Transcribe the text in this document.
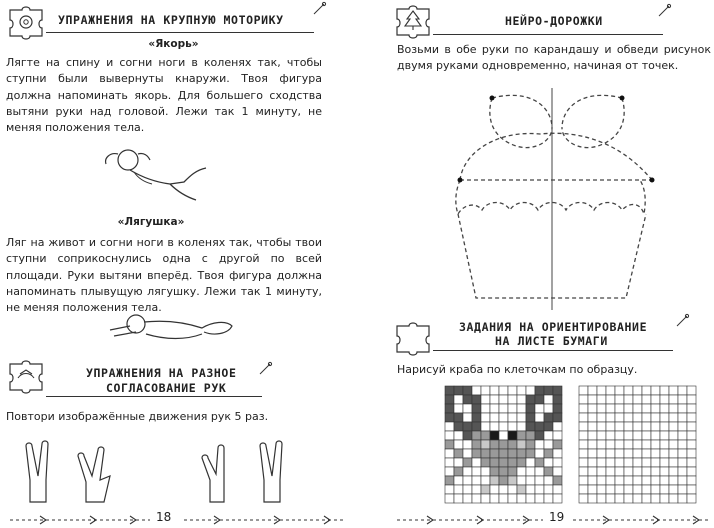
УПРАЖНЕНИЯ НА КРУПНУЮ МОТОРИКУ
«Якорь»
Лягте на спину и согни ноги в коленях так, чтобы ступни были вывернуты кнаружи. Твоя фигура должна напоминать якорь. Для большего сходства вытяни руки над головой. Лежи так 1 минуту, не меняя положения тела.
«Лягушка»
Ляг на живот и согни ноги в коленях так, чтобы твои ступни соприкоснулись одна с другой по всей площади. Руки вытяни вперёд. Твоя фигура должна напоминать плывущую лягушку. Лежи так 1 минуту, не меняя положения тела.
УПРАЖНЕНИЯ НА РАЗНОЕ
СОГЛАСОВАНИЕ РУК
Повтори изображённые движения рук 5 раз.
18
НЕЙРО-ДОРОЖКИ
Возьми в обе руки по карандашу и обведи рисунок двумя руками одновременно, начиная от точек.
ЗАДАНИЯ НА ОРИЕНТИРОВАНИЕ
НА ЛИСТЕ БУМАГИ
Нарисуй краба по клеточкам по образцу.
19
